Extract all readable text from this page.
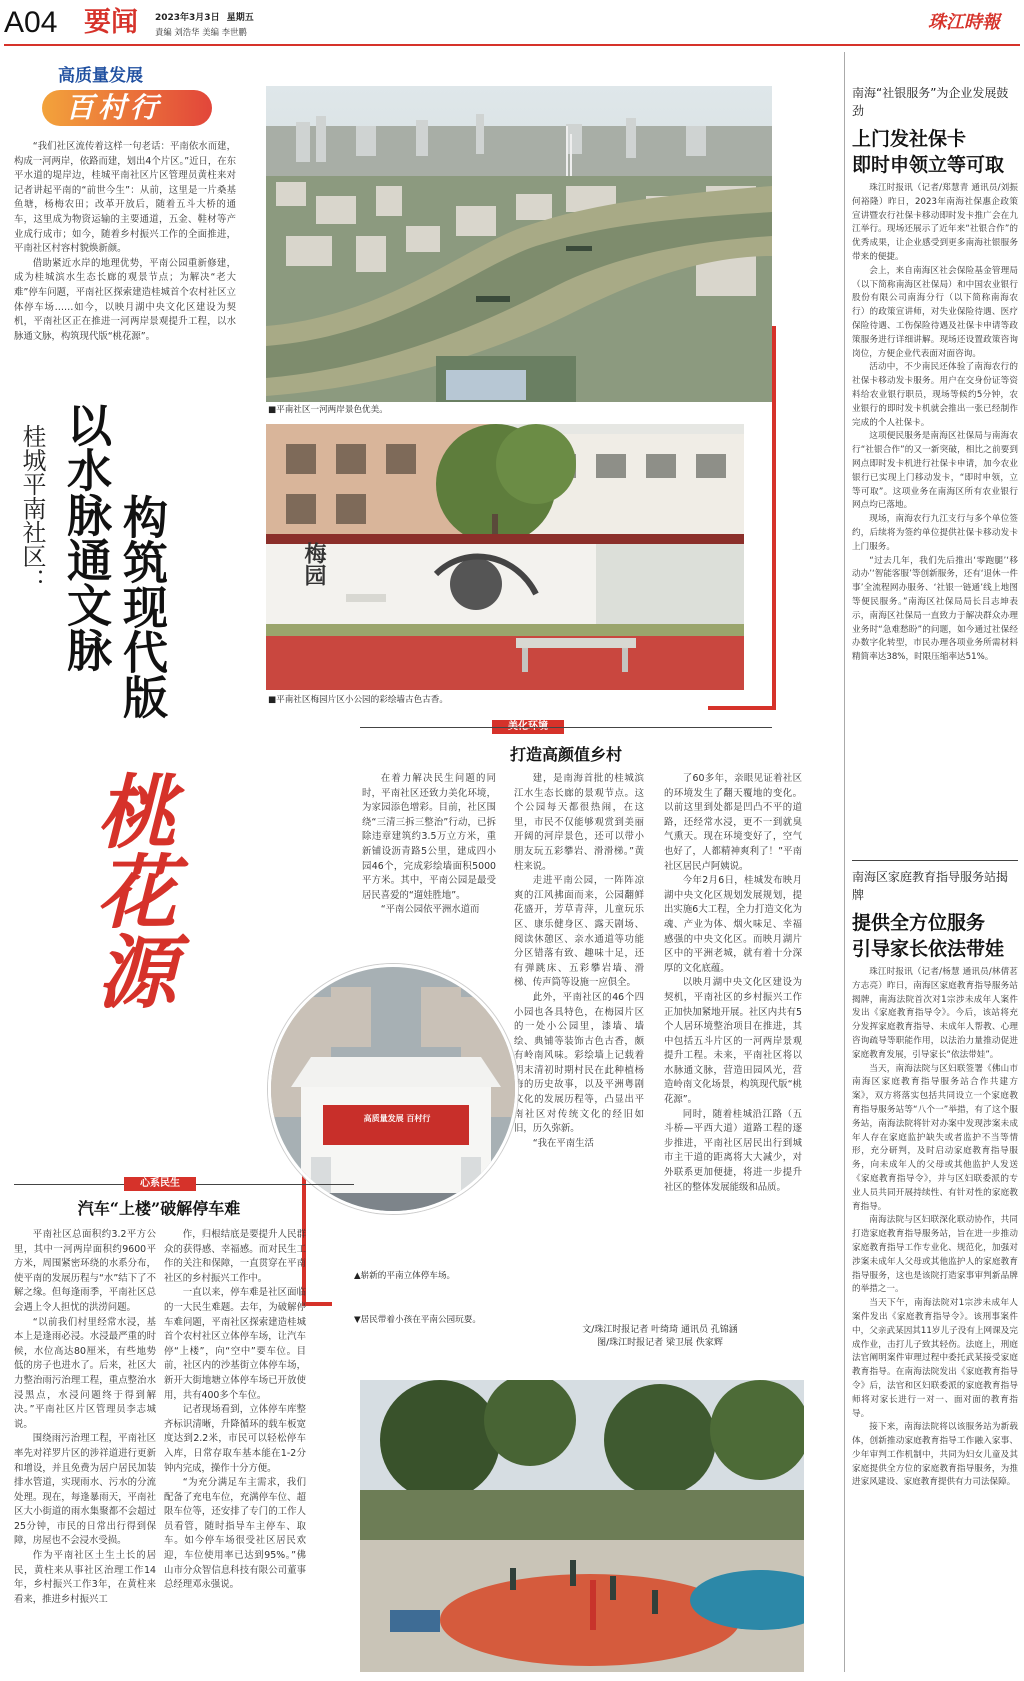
A04 要闻 2023年3月3日 星期五
責編 刘浩华 美编 李世鹏	珠江時報
高质量发展
百村行

“我们社区流传着这样一句老话：平南依水而建，构成一河两岸，依路而建，划出4个片区。”近日，在东平水道的堤岸边，桂城平南社区片区管理员黄柱来对记者讲起平南的“前世今生”：从前，这里是一片桑基鱼塘，杨梅农田；改革开放后，随着五斗大桥的通车，这里成为物资运输的主要通道，五金、鞋材等产业成行成市；如今，随着乡村振兴工作的全面推进，平南社区村容村貌焕新颜。

借助紧近水岸的地理优势，平南公园重新修建，成为桂城滨水生态长廊的观景节点；为解决“老大难”停车问题，平南社区探索建造桂城首个农村社区立体停车场……如今，以映月湖中央文化区建设为契机，平南社区正在推进一河两岸景观提升工程，以水脉通文脉，构筑现代版“桃花源”。

桂城平南社区： 构筑现代版
以水脉通文脉
桃花源
■平南社区一河两岸景色优美。
梅园
■平南社区梅园片区小公园的彩绘墙古色古香。
打造高颜值乡村

在着力解决民生问题的同时，平南社区还致力美化环境，为家园添色增彩。目前，社区围绕“三清三拆三整治”行动，已拆除违章建筑约3.5万立方米，重新铺设沥青路5公里，建成四小园46个，完成彩绘墙面积5000平方米。其中，平南公园是最受居民喜爱的“遛娃胜地”。

“平南公园依平洲水道而

建，是南海首批的桂城滨江水生态长廊的景观节点。这个公园每天都很热闹，在这里，市民不仅能够观赏到美丽开阔的河岸景色，还可以带小朋友玩五彩攀岩、滑滑梯。”黄柱来说。

走进平南公园，一阵阵凉爽的江风拂面而来，公园翻鲜花盛开，芳草青萍，儿童玩乐区、康乐健身区、露天剧场、阅读休憩区、亲水通道等功能分区错落有致、趣味十足，还有弹跳床、五彩攀岩墙、滑梯、传声筒等设施一应俱全。

此外，平南社区的46个四小园也各具特色，在梅园片区的一处小公园里，漆墙、墙绘、典铺等装饰古色古香，颇有岭南风味。彩绘墙上记载着明末清初时期村民在此种植杨梅的历史故事，以及平洲粤剧文化的发展历程等，凸显出平南社区对传统文化的经旧如旧，历久弥新。

“我在平南生活

了60多年，亲眼见证着社区的环境发生了翻天覆地的变化。以前这里到处都是凹凸不平的道路，还经常水浸，更不一到就臭气熏天。现在环境变好了，空气也好了，人都精神爽利了！”平南社区居民卢阿姨说。

今年2月6日，桂城发布映月湖中央文化区规划发展规划，提出实施6大工程，全力打造文化为魂、产业为体、烟火味足、幸福感强的中央文化区。而映月湖片区中的平洲老城，就有着十分深厚的文化底蕴。

以映月湖中央文化区建设为契机，平南社区的乡村振兴工作正加快加紧地开展。社区内共有5个人居环境整治项目在推进，其中包括五斗片区的一河两岸景观提升工程。未来，平南社区将以水脉通文脉，营造田园风光，营造岭南文化场景，构筑现代版“桃花源”。

同时，随着桂城沿江路（五斗桥—平西大道）道路工程的逐步推进，平南社区居民出行到城市主干道的距离将大大减少，对外联系更加便捷，将进一步提升社区的整体发展能级和品质。

高质量发展 百村行
▲崭新的平南立体停车场。
▼居民带着小孩在平南公园玩耍。
文/珠江时报记者 叶绮琦 通讯员 孔锦涵
图/珠江时报记者 梁卫展 佚家辉
心系民生
汽车“上楼”破解停车难

平南社区总面积约3.2平方公里，其中一河两岸面积约9600平方米，周围紧密环绕的水系分布，使平南的发展历程与“水”结下了不解之缘。但每逢雨季，平南社区总会遇上令人担忧的洪涝问题。

“以前我们村里经常水浸，基本上是逢雨必浸。水浸最严重的时候，水位高达80厘米，有些地势低的房子也进水了。后来，社区大力整治雨污治理工程，重点整治水浸黑点，水浸问题终于得到解决。”平南社区片区管理员李志城说。

围绕雨污治理工程，平南社区率先对祥罗片区的涉祥道进行更新和增设，并且免费为居户居民加装排水管道，实现雨水、污水的分流处理。现在，每逢暴雨天，平南社区大小街道的雨水集聚都不会超过25分钟，市民的日常出行得到保障，房屋也不会浸水受损。

作为平南社区土生土长的居民，黄柱来从事社区治理工作14年，乡村振兴工作3年，在黄柱来看来，推进乡村振兴工

作，归根结底是要提升人民群众的获得感、幸福感。而对民生工作的关注和保障，一直贯穿在平南社区的乡村振兴工作中。

一直以来，停车难是社区面临的一大民生难题。去年，为破解停车难问题，平南社区探索建造桂城首个农村社区立体停车场，让汽车停“上楼”，向“空中”要车位。目前，社区内的沙基街立体停车场，新开大街地塘立体停车场已开放使用，共有400多个车位。

记者现场看到，立体停车库整齐标识清晰，升降循环的载车板宽度达到2.2米，市民可以轻松停车入库，日常存取车基本能在1-2分钟内完成，操作十分方便。

“为充分满足车主需求，我们配备了充电车位，充满停车位、超限车位等，还安排了专门的工作人员看管，随时指导车主停车、取车。如今停车场很受社区居民欢迎，车位使用率已达到95%。”佛山市分众智信息科技有限公司董事总经理邓永强说。

南海“社银服务”为企业发展鼓劲
上门发社保卡
即时申领立等可取

珠江时报讯（记者/郑慧青 通讯员/刘振 何裕隆）昨日，2023年南海社保惠企政策宣讲暨农行社保卡移动即时发卡推广会在九江举行。现场还展示了近年来“社银合作”的优秀成果，让企业感受到更多南海社银服务带来的便捷。

会上，来自南海区社会保险基金管理局（以下简称南海区社保局）和中国农业银行股份有限公司南海分行（以下简称南海农行）的政策宣讲师，对失业保险待遇、医疗保险待遇、工伤保险待遇及社保卡申请等政策服务进行详细讲解。现场还设置政策咨询岗位，方便企业代表面对面咨询。

活动中，不少南民还体验了南海农行的社保卡移动发卡服务。用户在交身份证等资料给农业银行职员，现场等候约5分钟，农业银行的即时发卡机就会推出一张已经制作完成的个人社保卡。

这项便民服务是南海区社保局与南海农行“社银合作”的又一新突破，相比之前要到网点即时发卡机进行社保卡申请，加今农业银行已实现上门移动发卡，“即时申领，立等可取”。这项业务在南海区所有农业银行网点均已落地。

现场，南海农行九江支行与多个单位签约，后续将为签约单位提供社保卡移动发卡上门服务。

“过去几年，我们先后推出‘零跑腿’‘移动办’‘智能客服’等创新服务，还有‘退休一件事’全流程网办服务、‘社银一链通’线上地图等便民服务。”南海区社保局局长吕志坤表示，南海区社保局一直致力于解决群众办理业务时“急难愁盼”的问题，如今通过社保经办数字化转型，市民办理各项业务所需材料精简率达38%，时限压缩率达51%。

南海区家庭教育指导服务站揭牌
提供全方位服务
引导家长依法带娃

珠江时报讯（记者/杨慧 通讯员/林倩茗 方志亮）昨日，南海区家庭教育指导服务站揭牌，南海法院首次对1宗涉未成年人案件发出《家庭教育指导令》。今后，该站将充分发挥家庭教育指导、未成年人帮教、心理咨询疏导等职能作用，以法治力量推动促进家庭教育发展，引导家长“依法带娃”。

当天，南海法院与区妇联签署《佛山市南海区家庭教育指导服务站合作共建方案》，双方将落实包括共同设立一个家庭教育指导服务站等“八个一”举措，有了这个服务站，南海法院将针对办案中发现涉案未成年人存在家庭监护缺失或者监护不当等情形，充分研判，及时启动家庭教育指导服务，向未成年人的父母或其他监护人发送《家庭教育指导令》，并与区妇联委派的专业人员共同开展持续性、有针对性的家庭教育指导。

南海法院与区妇联深化联动协作，共同打造家庭教育指导服务站，旨在进一步推动家庭教育指导工作专业化、规范化，加强对涉案未成年人父母或其他监护人的家庭教育指导服务，这也是该院打造家事审判新品牌的举措之一。

当天下午，南海法院对1宗涉未成年人案件发出《家庭教育指导令》。该刑事案件中，父亲武某因其11岁儿子没有上网课及完成作业，击打儿子致其轻伤。法庭上，刑庭法官阐明案件审理过程中委托武某接受家庭教育指导。在南海法院发出《家庭教育指导令》后，法官和区妇联委派的家庭教育指导师将对家长进行一对一、面对面的教育指导。

接下来，南海法院将以该服务站为新载体，创新推动家庭教育指导工作融入家事、少年审判工作机制中，共同为妇女儿童及其家庭提供全方位的家庭教育指导服务，为推进家风建设、家庭教育提供有力司法保障。
